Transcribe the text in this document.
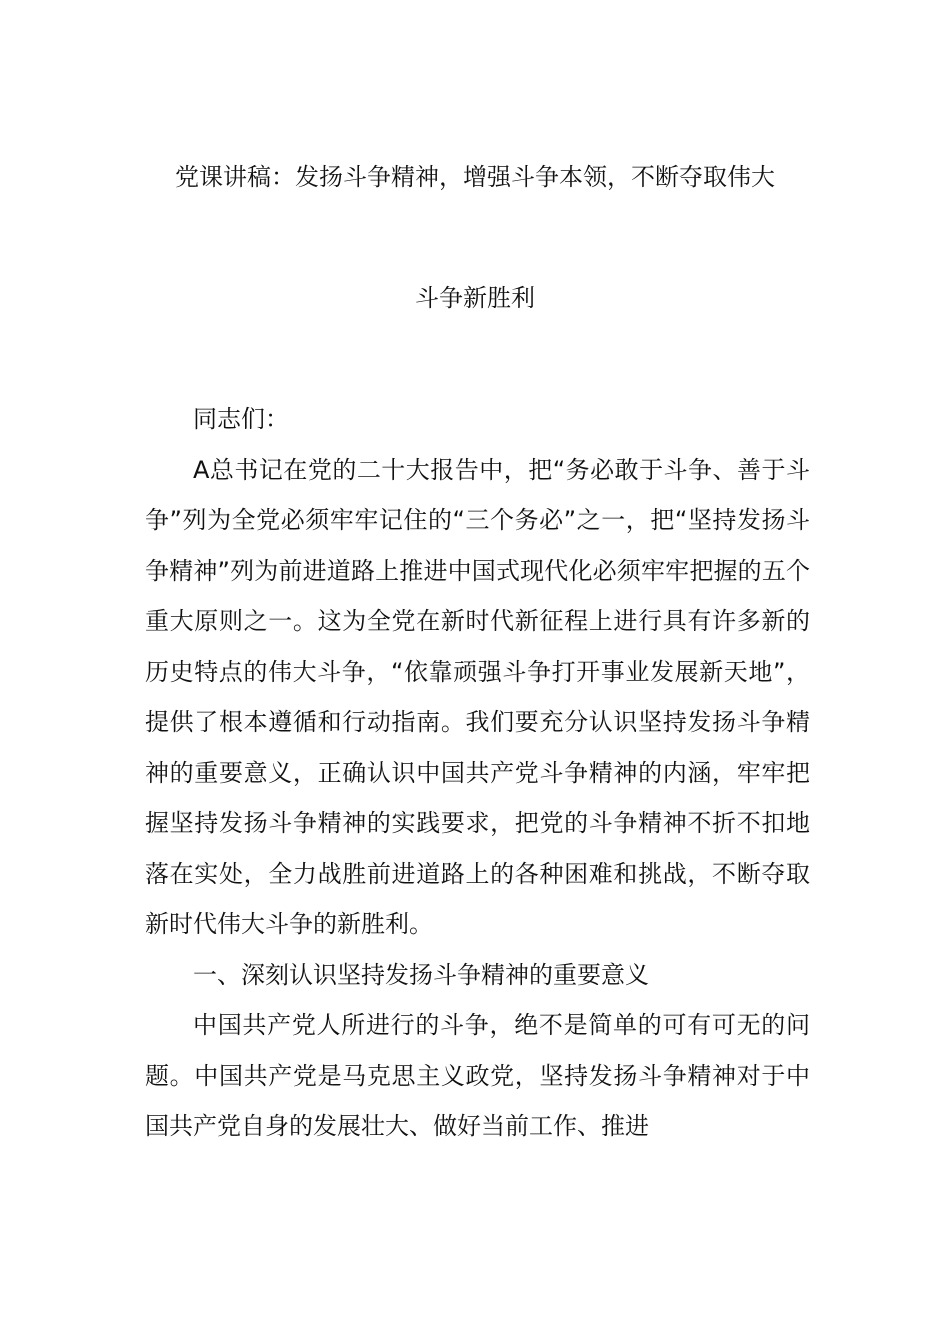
党课讲稿：发扬斗争精神，增强斗争本领，不断夺取伟大
斗争新胜利

同志们：

A总书记在党的二十大报告中，把“务必敢于斗争、善于斗争”列为全党必须牢牢记住的“三个务必”之一，把“坚持发扬斗争精神”列为前进道路上推进中国式现代化必须牢牢把握的五个重大原则之一。这为全党在新时代新征程上进行具有许多新的历史特点的伟大斗争，“依靠顽强斗争打开事业发展新天地”，提供了根本遵循和行动指南。我们要充分认识坚持发扬斗争精神的重要意义，正确认识中国共产党斗争精神的内涵，牢牢把握坚持发扬斗争精神的实践要求，把党的斗争精神不折不扣地落在实处，全力战胜前进道路上的各种困难和挑战，不断夺取新时代伟大斗争的新胜利。

一、深刻认识坚持发扬斗争精神的重要意义

中国共产党人所进行的斗争，绝不是简单的可有可无的问题。中国共产党是马克思主义政党，坚持发扬斗争精神对于中国共产党自身的发展壮大、做好当前工作、推进
